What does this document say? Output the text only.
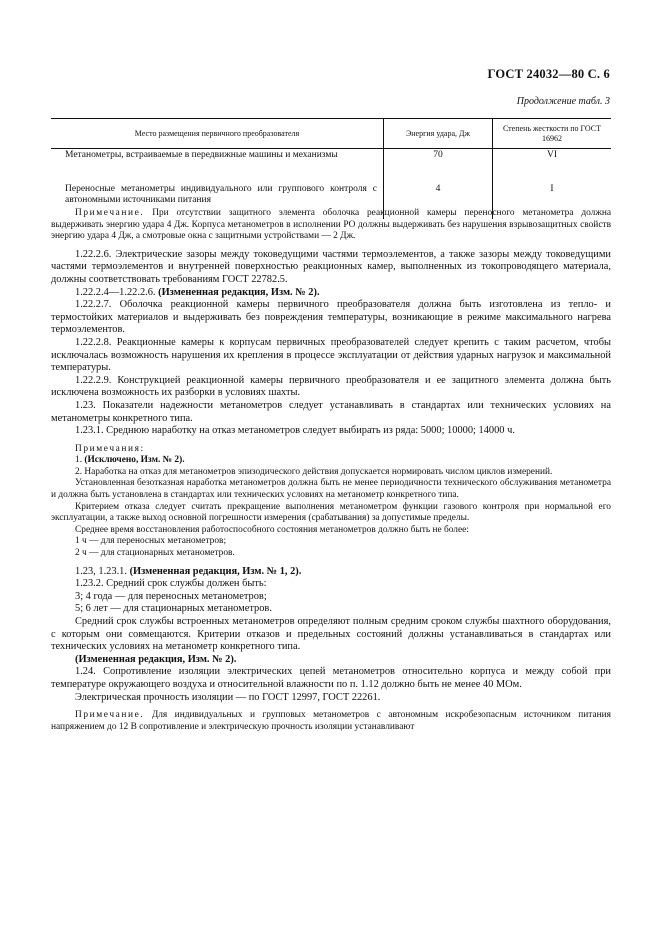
ГОСТ 24032—80 С. 6
Продолжение табл. 3
Место размещения первичного преобразователя	Энергия удара, Дж	Степень жесткости по ГОСТ 16962
Метанометры, встраиваемые в передвижные машины и механизмы	70	VI
Переносные метанометры индивидуального или группового контроля с автономными источниками питания	4	I

Примечание. При отсутствии защитного элемента оболочка реакционной камеры переносного метанометра должна выдерживать энергию удара 4 Дж. Корпуса метанометров в исполнении РО должны выдерживать без нарушения взрывозащитных свойств энергию удара 4 Дж, а смотровые окна с защитными устройствами — 2 Дж.

1.22.2.6. Электрические зазоры между токоведущими частями термоэлементов, а также зазоры между токоведущими частями термоэлементов и внутренней поверхностью реакционных камер, выполненных из токопроводящего материала, должны соответствовать требованиям ГОСТ 22782.5.

1.22.2.4—1.22.2.6. (Измененная редакция, Изм. № 2).

1.22.2.7. Оболочка реакционной камеры первичного преобразователя должна быть изготовлена из тепло- и термостойких материалов и выдерживать без повреждения температуры, возникающие в режиме максимального нагрева термоэлементов.

1.22.2.8. Реакционные камеры к корпусам первичных преобразователей следует крепить с таким расчетом, чтобы исключалась возможность нарушения их крепления в процессе эксплуатации от действия ударных нагрузок и максимальной температуры.

1.22.2.9. Конструкцией реакционной камеры первичного преобразователя и ее защитного элемента должна быть исключена возможность их разборки в условиях шахты.

1.23. Показатели надежности метанометров следует устанавливать в стандартах или технических условиях на метанометры конкретного типа.

1.23.1. Среднюю наработку на отказ метанометров следует выбирать из ряда: 5000; 10000; 14000 ч.

Примечания:

1. (Исключено, Изм. № 2).

2. Наработка на отказ для метанометров эпизодического действия допускается нормировать числом циклов измерений.

Установленная безотказная наработка метанометров должна быть не менее периодичности технического обслуживания метанометра и должна быть установлена в стандартах или технических условиях на метанометр конкретного типа.

Критерием отказа следует считать прекращение выполнения метанометром функции газового контроля при нормальной его эксплуатации, а также выход основной погрешности измерения (срабатывания) за допустимые пределы.

Среднее время восстановления работоспособного состояния метанометров должно быть не более:

1 ч — для переносных метанометров;

2 ч — для стационарных метанометров.

1.23, 1.23.1. (Измененная редакция, Изм. № 1, 2).

1.23.2. Средний срок службы должен быть:

3; 4 года — для переносных метанометров;

5; 6 лет — для стационарных метанометров.

Средний срок службы встроенных метанометров определяют полным средним сроком службы шахтного оборудования, с которым они совмещаются. Критерии отказов и предельных состояний должны устанавливаться в стандартах или технических условиях на метанометр конкретного типа.

(Измененная редакция, Изм. № 2).

1.24. Сопротивление изоляции электрических цепей метанометров относительно корпуса и между собой при температуре окружающего воздуха и относительной влажности по п. 1.12 должно быть не менее 40 МОм.

Электрическая прочность изоляции — по ГОСТ 12997, ГОСТ 22261.

Примечание. Для индивидуальных и групповых метанометров с автономным искробезопасным источником питания напряжением до 12 В сопротивление и электрическую прочность изоляции устанавливают
